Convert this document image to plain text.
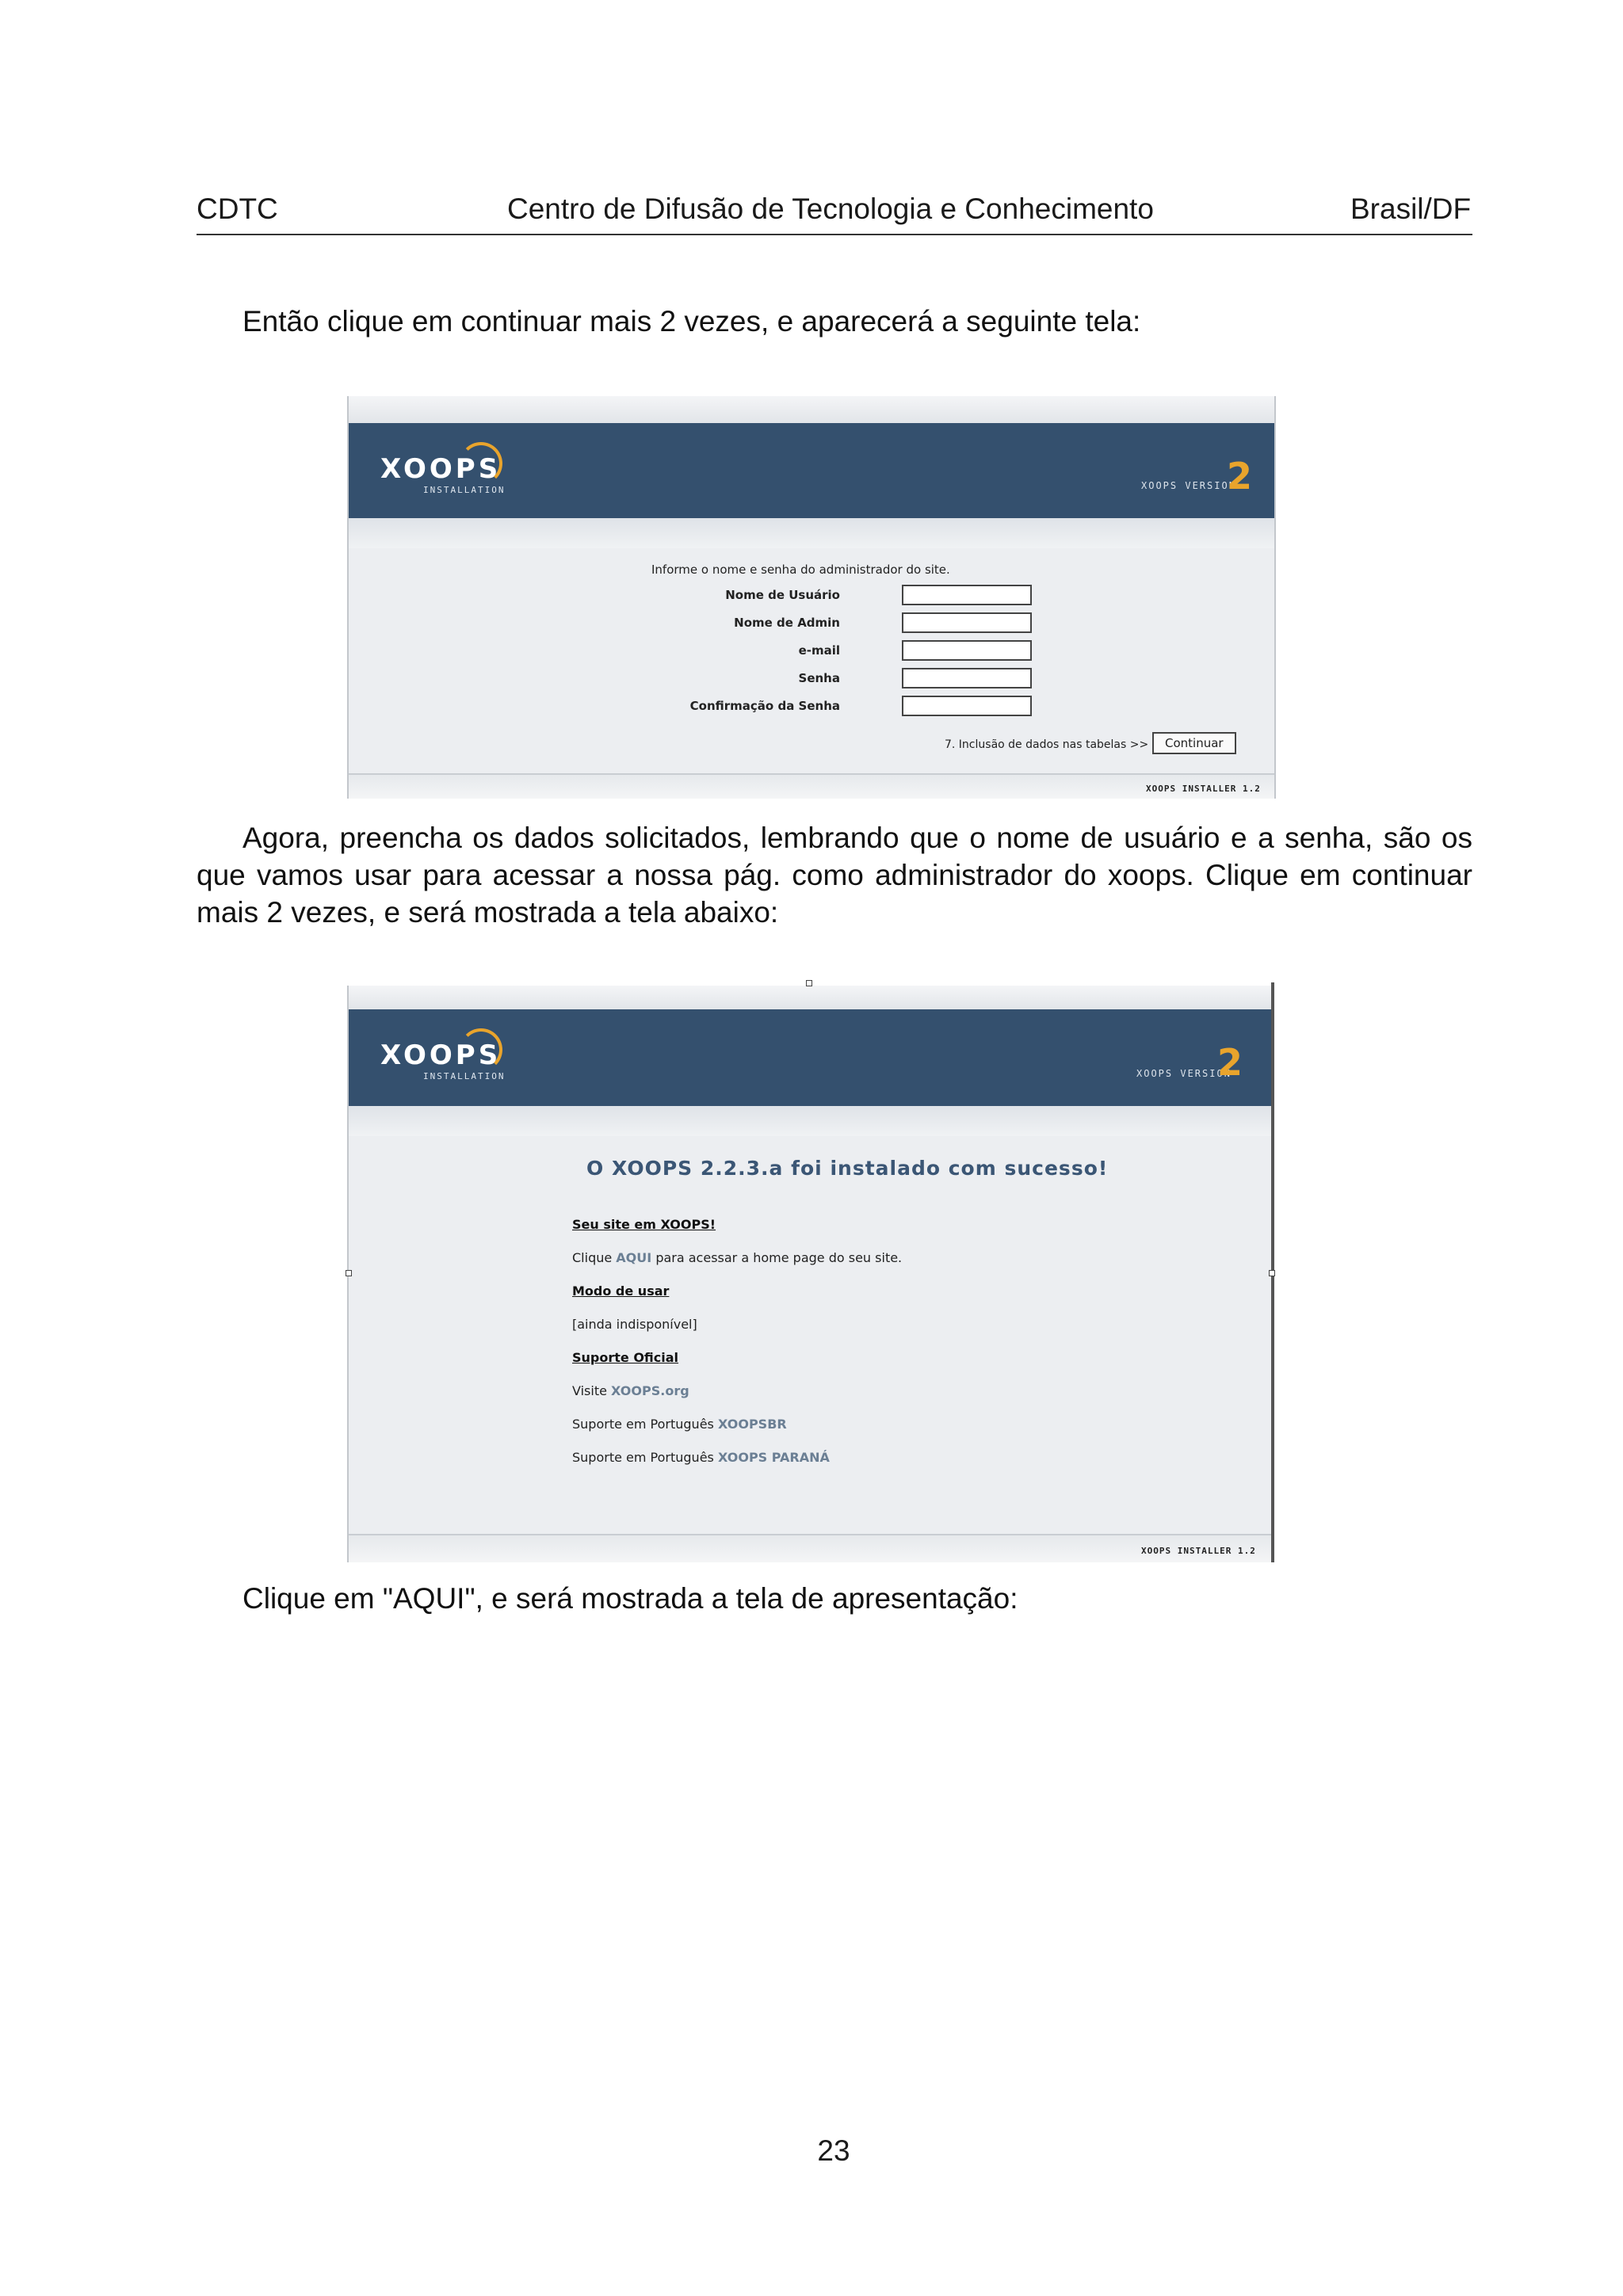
CDTC	Centro de Difusão de Tecnologia e Conhecimento	Brasil/DF
Então clique em continuar mais 2 vezes, e aparecerá a seguinte tela:
XOOPS
INSTALLATION	XOOPS VERSION
2
Informe o nome e senha do administrador do site.
Nome de Usuário
Nome de Admin
e-mail
Senha
Confirmação da Senha
7. Inclusão de dados nas tabelas >>	Continuar
XOOPS INSTALLER 1.2
Agora, preencha os dados solicitados, lembrando que o nome de usuário e a senha, são os que vamos usar para acessar a nossa pág. como administrador do xoops. Clique em continuar mais 2 vezes, e será mostrada a tela abaixo:
XOOPS
INSTALLATION	XOOPS VERSION
2
O XOOPS 2.2.3.a foi instalado com sucesso!
Seu site em XOOPS!
Clique AQUI para acessar a home page do seu site.
Modo de usar
[ainda indisponível]
Suporte Oficial
Visite XOOPS.org
Suporte em Português XOOPSBR
Suporte em Português XOOPS PARANÁ
XOOPS INSTALLER 1.2
Clique em "AQUI", e será mostrada a tela de apresentação:
23
